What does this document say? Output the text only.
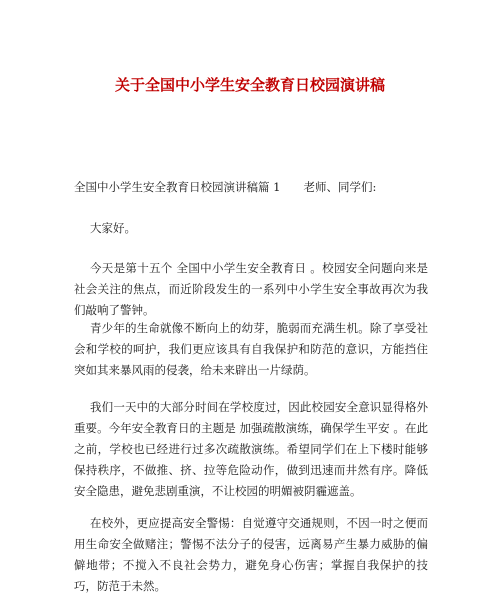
关于全国中小学生安全教育日校园演讲稿

全国中小学生安全教育日校园演讲稿篇 1　　老师、同学们:

大家好。

今天是第十五个 全国中小学生安全教育日 。校园安全问题向来是社会关注的焦点，而近阶段发生的一系列中小学生安全事故再次为我们敲响了警钟。

青少年的生命就像不断向上的幼芽，脆弱而充满生机。除了享受社会和学校的呵护，我们更应该具有自我保护和防范的意识，方能挡住突如其来暴风雨的侵袭，给未来辟出一片绿荫。

我们一天中的大部分时间在学校度过，因此校园安全意识显得格外重要。今年安全教育日的主题是 加强疏散演练，确保学生平安 。在此之前，学校也已经进行过多次疏散演练。希望同学们在上下楼时能够保持秩序，不做推、挤、拉等危险动作，做到迅速而井然有序。降低安全隐患，避免悲剧重演，不让校园的明媚被阴霾遮盖。

在校外，更应提高安全警惕：自觉遵守交通规则，不因一时之便而用生命安全做赌注；警惕不法分子的侵害，远离易产生暴力威胁的偏僻地带；不搅入不良社会势力，避免身心伤害；掌握自我保护的技巧，防范于未然。
